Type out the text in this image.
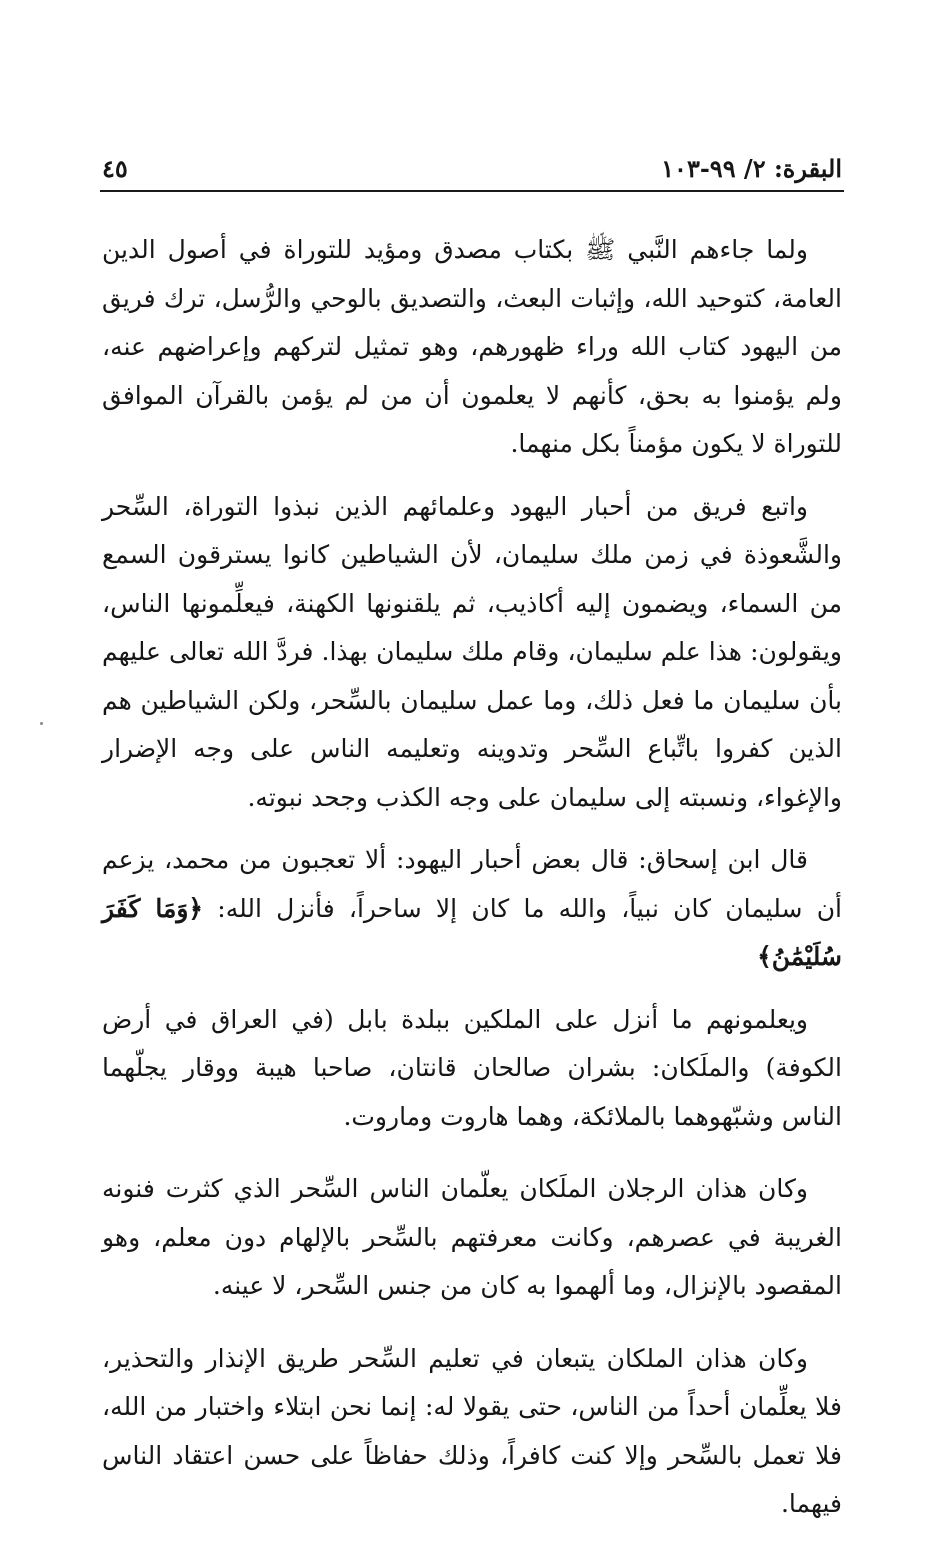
البقرة: ٢/ ٩٩-١٠٣
٤٥

ولما جاءهم النَّبي ﷺ بكتاب مصدق ومؤيد للتوراة في أصول الدين العامة، كتوحيد الله، وإثبات البعث، والتصديق بالوحي والرُّسل، ترك فريق من اليهود كتاب الله وراء ظهورهم، وهو تمثيل لتركهم وإعراضهم عنه، ولم يؤمنوا به بحق، كأنهم لا يعلمون أن من لم يؤمن بالقرآن الموافق للتوراة لا يكون مؤمناً بكل منهما.

واتبع فريق من أحبار اليهود وعلمائهم الذين نبذوا التوراة، السِّحر والشَّعوذة في زمن ملك سليمان، لأن الشياطين كانوا يسترقون السمع من السماء، ويضمون إليه أكاذيب، ثم يلقنونها الكهنة، فيعلِّمونها الناس، ويقولون: هذا علم سليمان، وقام ملك سليمان بهذا. فردَّ الله تعالى عليهم بأن سليمان ما فعل ذلك، وما عمل سليمان بالسِّحر، ولكن الشياطين هم الذين كفروا باتِّباع السِّحر وتدوينه وتعليمه الناس على وجه الإضرار والإغواء، ونسبته إلى سليمان على وجه الكذب وجحد نبوته.

قال ابن إسحاق: قال بعض أحبار اليهود: ألا تعجبون من محمد، يزعم أن سليمان كان نبياً، والله ما كان إلا ساحراً، فأنزل الله: ﴿وَمَا كَفَرَ سُلَيْمَٰنُ﴾

ويعلمونهم ما أنزل على الملكين ببلدة بابل (في العراق في أرض الكوفة) والملَكان: بشران صالحان قانتان، صاحبا هيبة ووقار يجلّهما الناس وشبّهوهما بالملائكة، وهما هاروت وماروت.

وكان هذان الرجلان الملَكان يعلّمان الناس السِّحر الذي كثرت فنونه الغريبة في عصرهم، وكانت معرفتهم بالسِّحر بالإلهام دون معلم، وهو المقصود بالإنزال، وما ألهموا به كان من جنس السِّحر، لا عينه.

وكان هذان الملكان يتبعان في تعليم السِّحر طريق الإنذار والتحذير، فلا يعلِّمان أحداً من الناس، حتى يقولا له: إنما نحن ابتلاء واختبار من الله، فلا تعمل بالسِّحر وإلا كنت كافراً، وذلك حفاظاً على حسن اعتقاد الناس فيهما.
